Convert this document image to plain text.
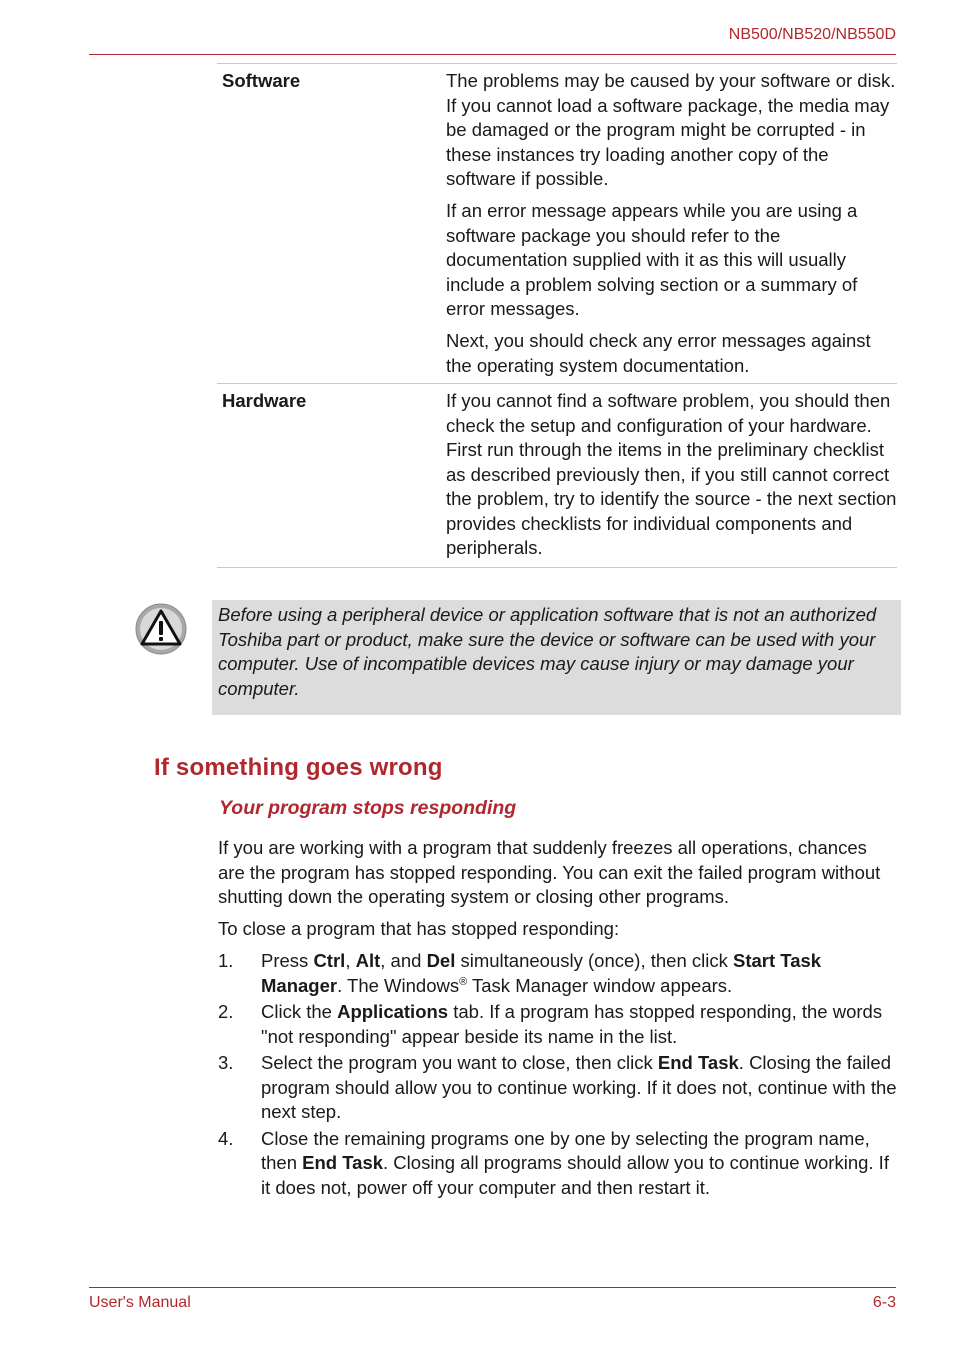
NB500/NB520/NB550D
Software	The problems may be caused by your software or disk. If you cannot load a software package, the media may be damaged or the program might be corrupted - in these instances try loading another copy of the software if possible.

If an error message appears while you are using a software package you should refer to the documentation supplied with it as this will usually include a problem solving section or a summary of error messages.

Next, you should check any error messages against the operating system documentation.

Hardware	If you cannot find a software problem, you should then check the setup and configuration of your hardware. First run through the items in the preliminary checklist as described previously then, if you still cannot correct the problem, try to identify the source - the next section provides checklists for individual components and peripherals.

Before using a peripheral device or application software that is not an authorized Toshiba part or product, make sure the device or software can be used with your computer. Use of incompatible devices may cause injury or may damage your computer.

If something goes wrong
Your program stops responding

If you are working with a program that suddenly freezes all operations, chances are the program has stopped responding. You can exit the failed program without shutting down the operating system or closing other programs.

To close a program that has stopped responding:

1. Press Ctrl, Alt, and Del simultaneously (once), then click Start Task Manager. The Windows® Task Manager window appears.
2. Click the Applications tab. If a program has stopped responding, the words "not responding" appear beside its name in the list.
3. Select the program you want to close, then click End Task. Closing the failed program should allow you to continue working. If it does not, continue with the next step.
4. Close the remaining programs one by one by selecting the program name, then End Task. Closing all programs should allow you to continue working. If it does not, power off your computer and then restart it.
User's Manual	6-3
